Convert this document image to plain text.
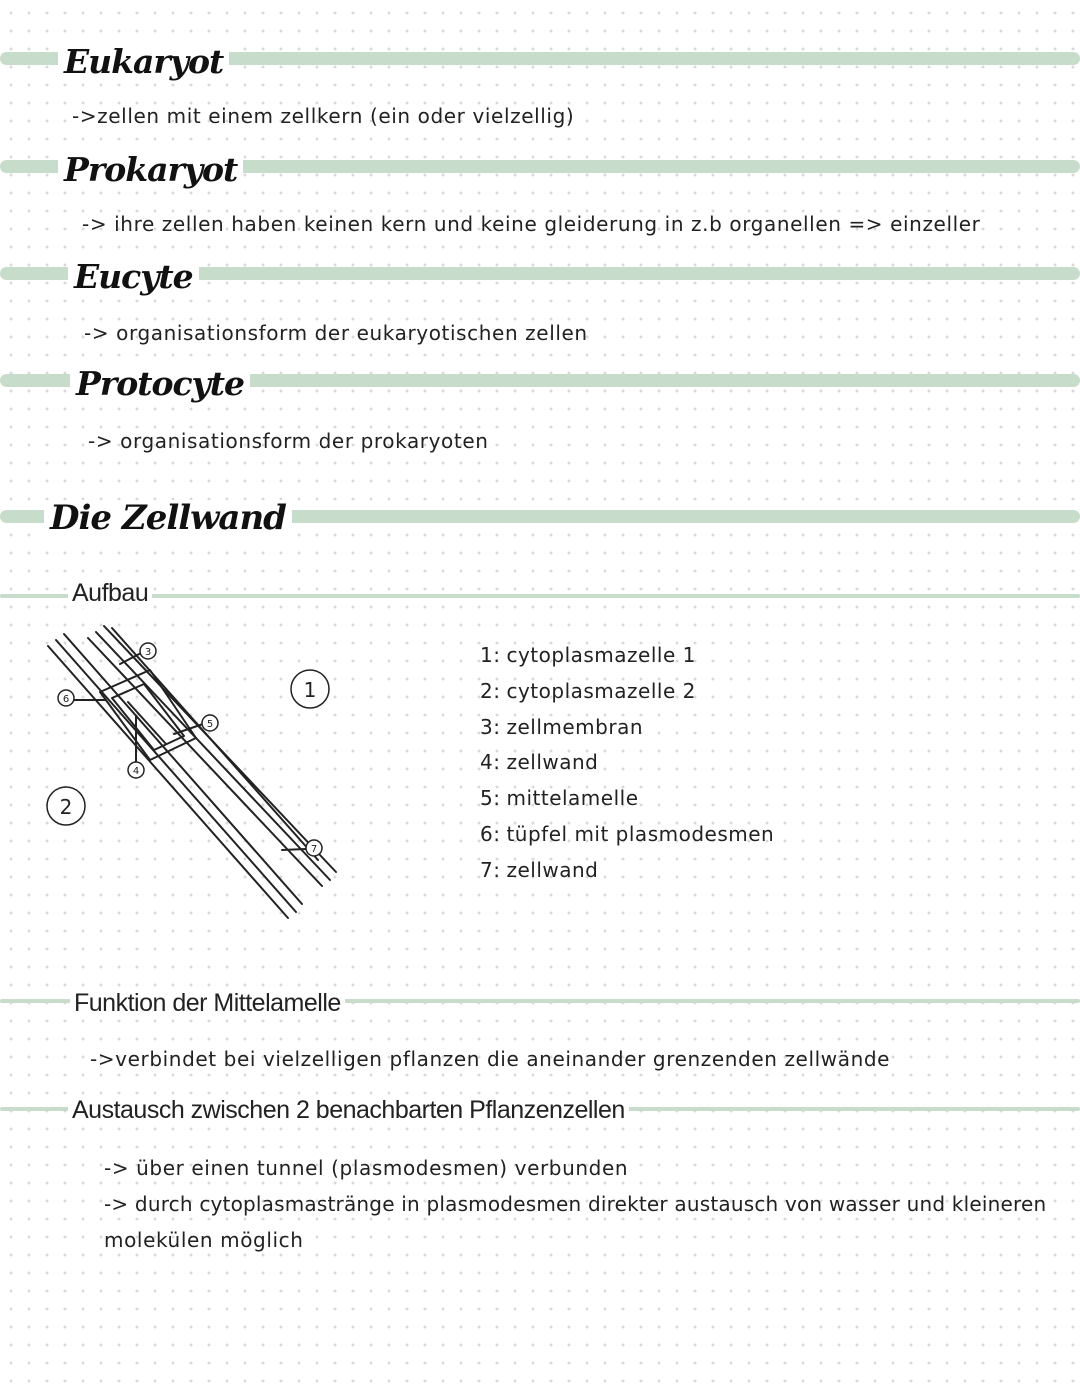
Eukaryot
->zellen mit einem zellkern (ein oder vielzellig)
Prokaryot
-> ihre zellen haben keinen kern und keine gleiderung in z.b organellen => einzeller
Eucyte
-> organisationsform der eukaryotischen zellen
Protocyte
-> organisationsform der prokaryoten
Die Zellwand
Aufbau
1
2
3
4
5
6
7
1: cytoplasmazelle 1
2: cytoplasmazelle 2
3: zellmembran
4: zellwand
5: mittelamelle
6: tüpfel mit plasmodesmen
7: zellwand
Funktion der Mittelamelle
->verbindet bei vielzelligen pflanzen die aneinander grenzenden zellwände
Austausch zwischen 2 benachbarten Pflanzenzellen
-> über einen tunnel (plasmodesmen) verbunden
-> durch cytoplasmastränge in plasmodesmen direkter austausch von wasser und kleineren
molekülen möglich
